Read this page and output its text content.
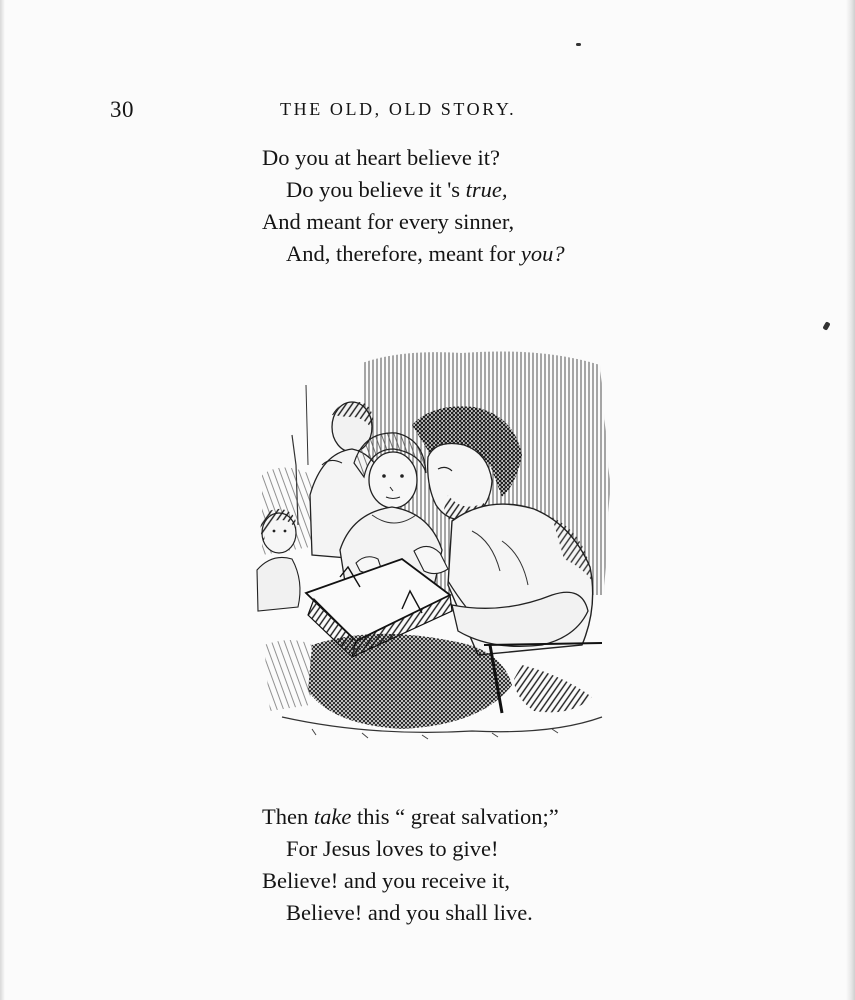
30	THE OLD, OLD STORY.
Do you at heart believe it?
Do you believe it 's true,
And meant for every sinner,
And, therefore, meant for you?
Then take this “ great salvation;”
For Jesus loves to give!
Believe! and you receive it,
Believe! and you shall live.
